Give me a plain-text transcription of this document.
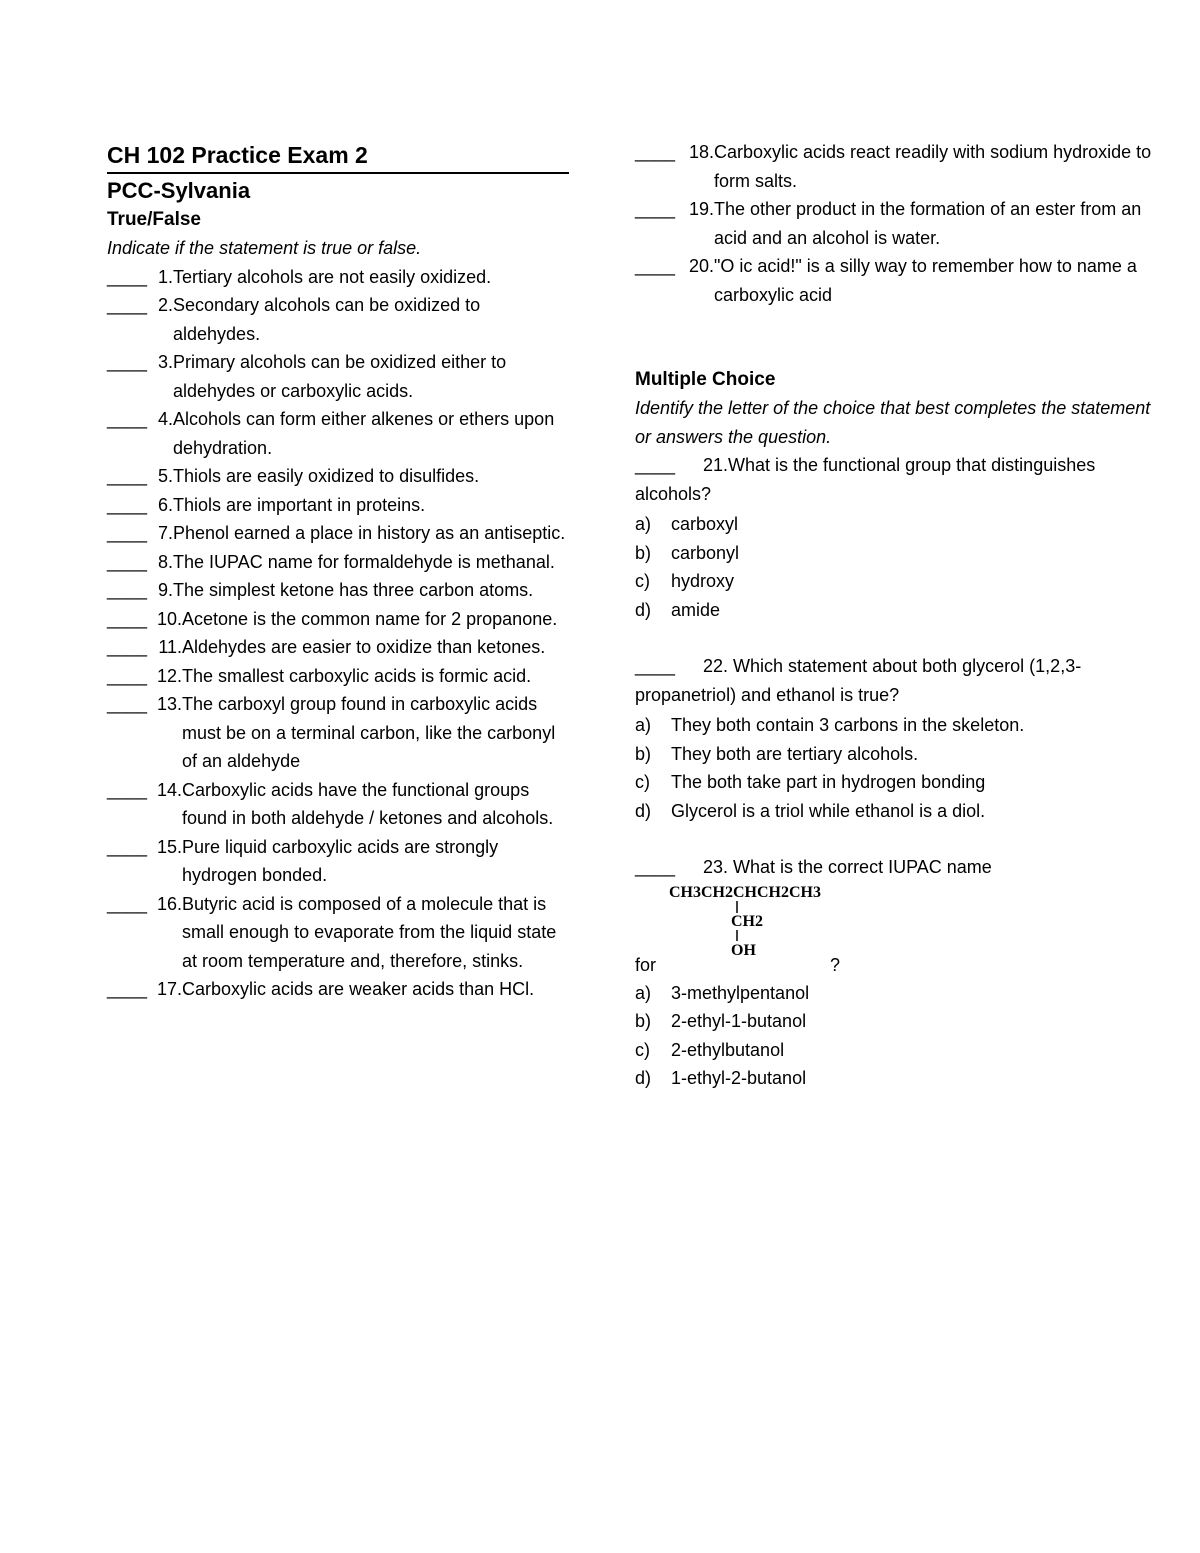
CH 102 Practice Exam 2
PCC-Sylvania
True/False

Indicate if the statement is true or false.

____ 1. Tertiary alcohols are not easily oxidized.
____ 2. Secondary alcohols can be oxidized to aldehydes.
____ 3. Primary alcohols can be oxidized either to aldehydes or carboxylic acids.
____ 4. Alcohols can form either alkenes or ethers upon dehydration.
____ 5. Thiols are easily oxidized to disulfides.
____ 6. Thiols are important in proteins.
____ 7. Phenol earned a place in history as an antiseptic.
____ 8. The IUPAC name for formaldehyde is methanal.
____ 9. The simplest ketone has three carbon atoms.
____ 10. Acetone is the common name for 2 propanone.
____ 11. Aldehydes are easier to oxidize than ketones.
____ 12. The smallest carboxylic acids is formic acid.
____ 13. The carboxyl group found in carboxylic acids must be on a terminal carbon, like the carbonyl of an aldehyde
____ 14. Carboxylic acids have the functional groups found in both aldehyde / ketones and alcohols.
____ 15. Pure liquid carboxylic acids are strongly hydrogen bonded.
____ 16. Butyric acid is composed of a molecule that is small enough to evaporate from the liquid state at room temperature and, therefore, stinks.
____ 17. Carboxylic acids are weaker acids than HCl.
____ 18. Carboxylic acids react readily with sodium hydroxide to form salts.
____ 19. The other product in the formation of an ester from an acid and an alcohol is water.
____ 20. "O ic acid!" is a silly way to remember how to name a carboxylic acid
Multiple Choice

Identify the letter of the choice that best completes the statement or answers the question.

____ 21.What is the functional group that distinguishes alcohols?

a)	carboxyl
b)	carbonyl
c)	hydroxy
d)	amide

____ 22. Which statement about both glycerol (1,2,3-propanetriol) and ethanol is true?

a)	They both contain 3 carbons in the skeleton.
b)	They both are tertiary alcohols.
c)	The both take part in hydrogen bonding
d)	Glycerol is a triol while ethanol is a diol.

____ 23. What is the correct IUPAC name

CH3CH2CHCH2CH3
CH2
for	?
OH
a)	3-methylpentanol
b)	2-ethyl-1-butanol
c)	2-ethylbutanol
d)	1-ethyl-2-butanol
